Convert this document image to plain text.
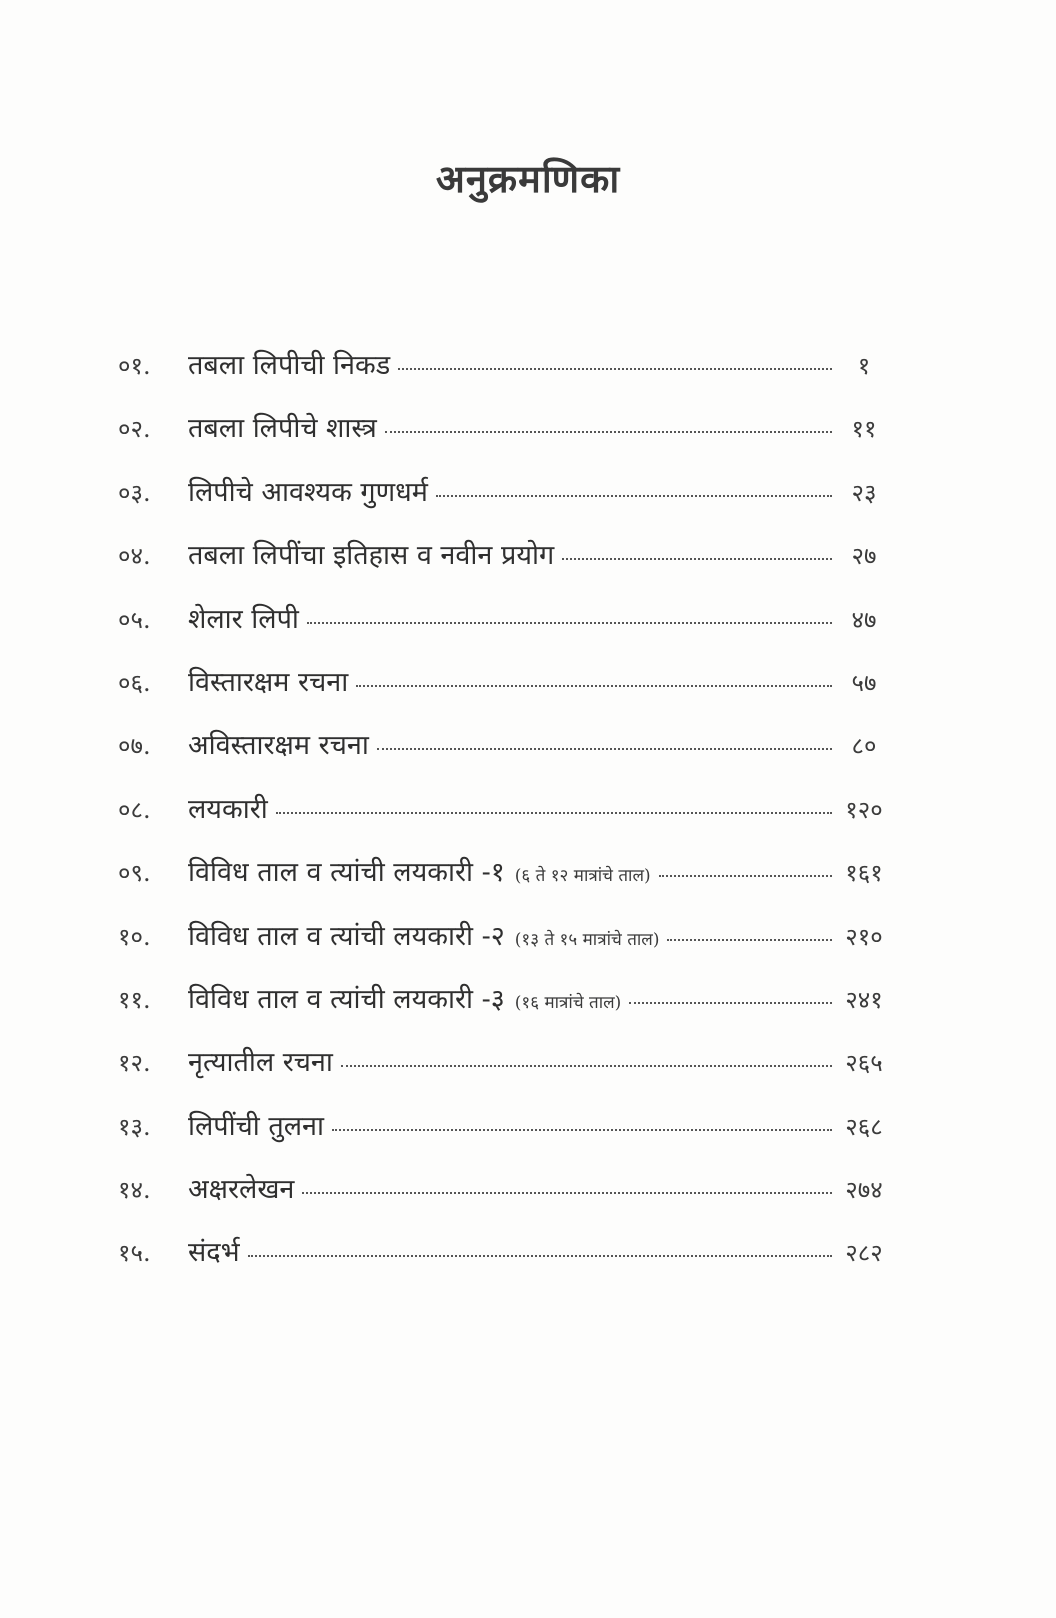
अनुक्रमणिका
०१.	तबला लिपीची निकड	१
०२.	तबला लिपीचे शास्त्र	११
०३.	लिपीचे आवश्यक गुणधर्म	२३
०४.	तबला लिपींचा इतिहास व नवीन प्रयोग	२७
०५.	शेलार लिपी	४७
०६.	विस्तारक्षम रचना	५७
०७.	अविस्तारक्षम रचना	८०
०८.	लयकारी	१२०
०९.	विविध ताल व त्यांची लयकारी -१ (६ ते १२ मात्रांचे ताल)	१६१
१०.	विविध ताल व त्यांची लयकारी -२ (१३ ते १५ मात्रांचे ताल)	२१०
११.	विविध ताल व त्यांची लयकारी -३ (१६ मात्रांचे ताल)	२४१
१२.	नृत्यातील रचना	२६५
१३.	लिपींची तुलना	२६८
१४.	अक्षरलेखन	२७४
१५.	संदर्भ	२८२
